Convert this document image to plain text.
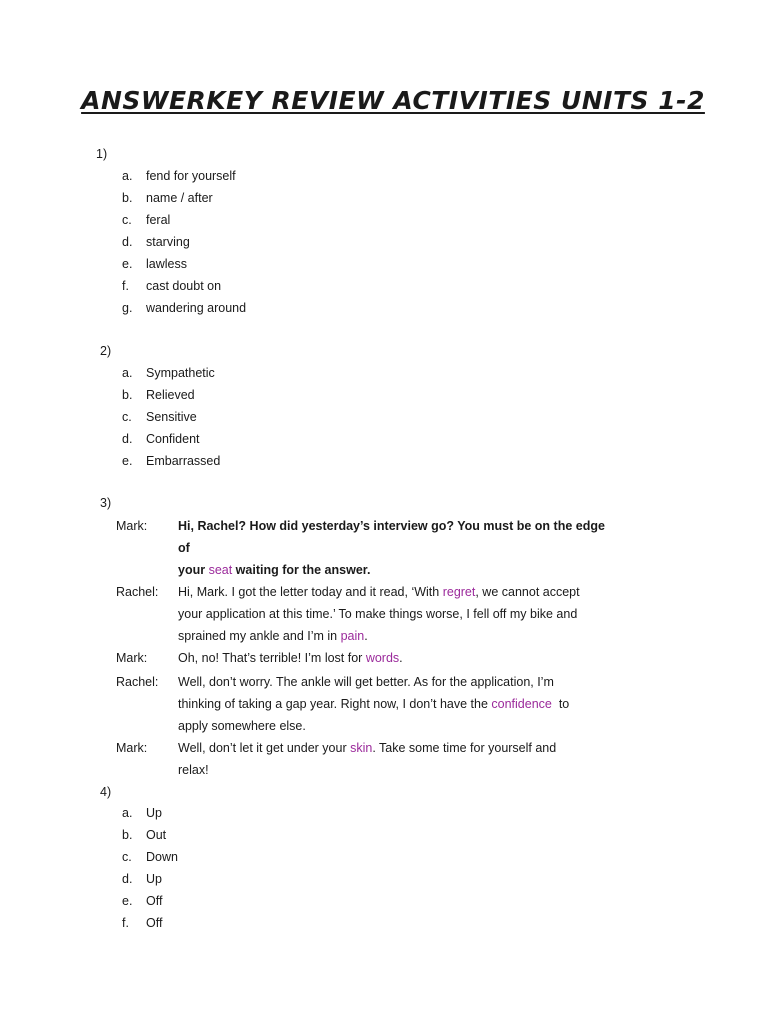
ANSWERKEY REVIEW ACTIVITIES UNITS 1-2
1)
a.	fend for yourself
b.	name / after
c.	feral
d.	starving
e.	lawless
f.	cast doubt on
g.	wandering around
2)
a.	Sympathetic
b.	Relieved
c.	Sensitive
d.	Confident
e.	Embarrassed
3)
Mark:	Hi, Rachel? How did yesterday’s interview go? You must be on the edge of
your seat waiting for the answer.
Rachel:	Hi, Mark. I got the letter today and it read, ‘With regret, we cannot accept
your application at this time.’ To make things worse, I fell off my bike and
sprained my ankle and I’m in pain.
Mark:	Oh, no! That’s terrible! I’m lost for words.
Rachel:	Well, don’t worry. The ankle will get better. As for the application, I’m
thinking of taking a gap year. Right now, I don’t have the confidence  to
apply somewhere else.
Mark:	Well, don’t let it get under your skin. Take some time for yourself and
relax!
4)
a.	Up
b.	Out
c.	Down
d.	Up
e.	Off
f.	Off
